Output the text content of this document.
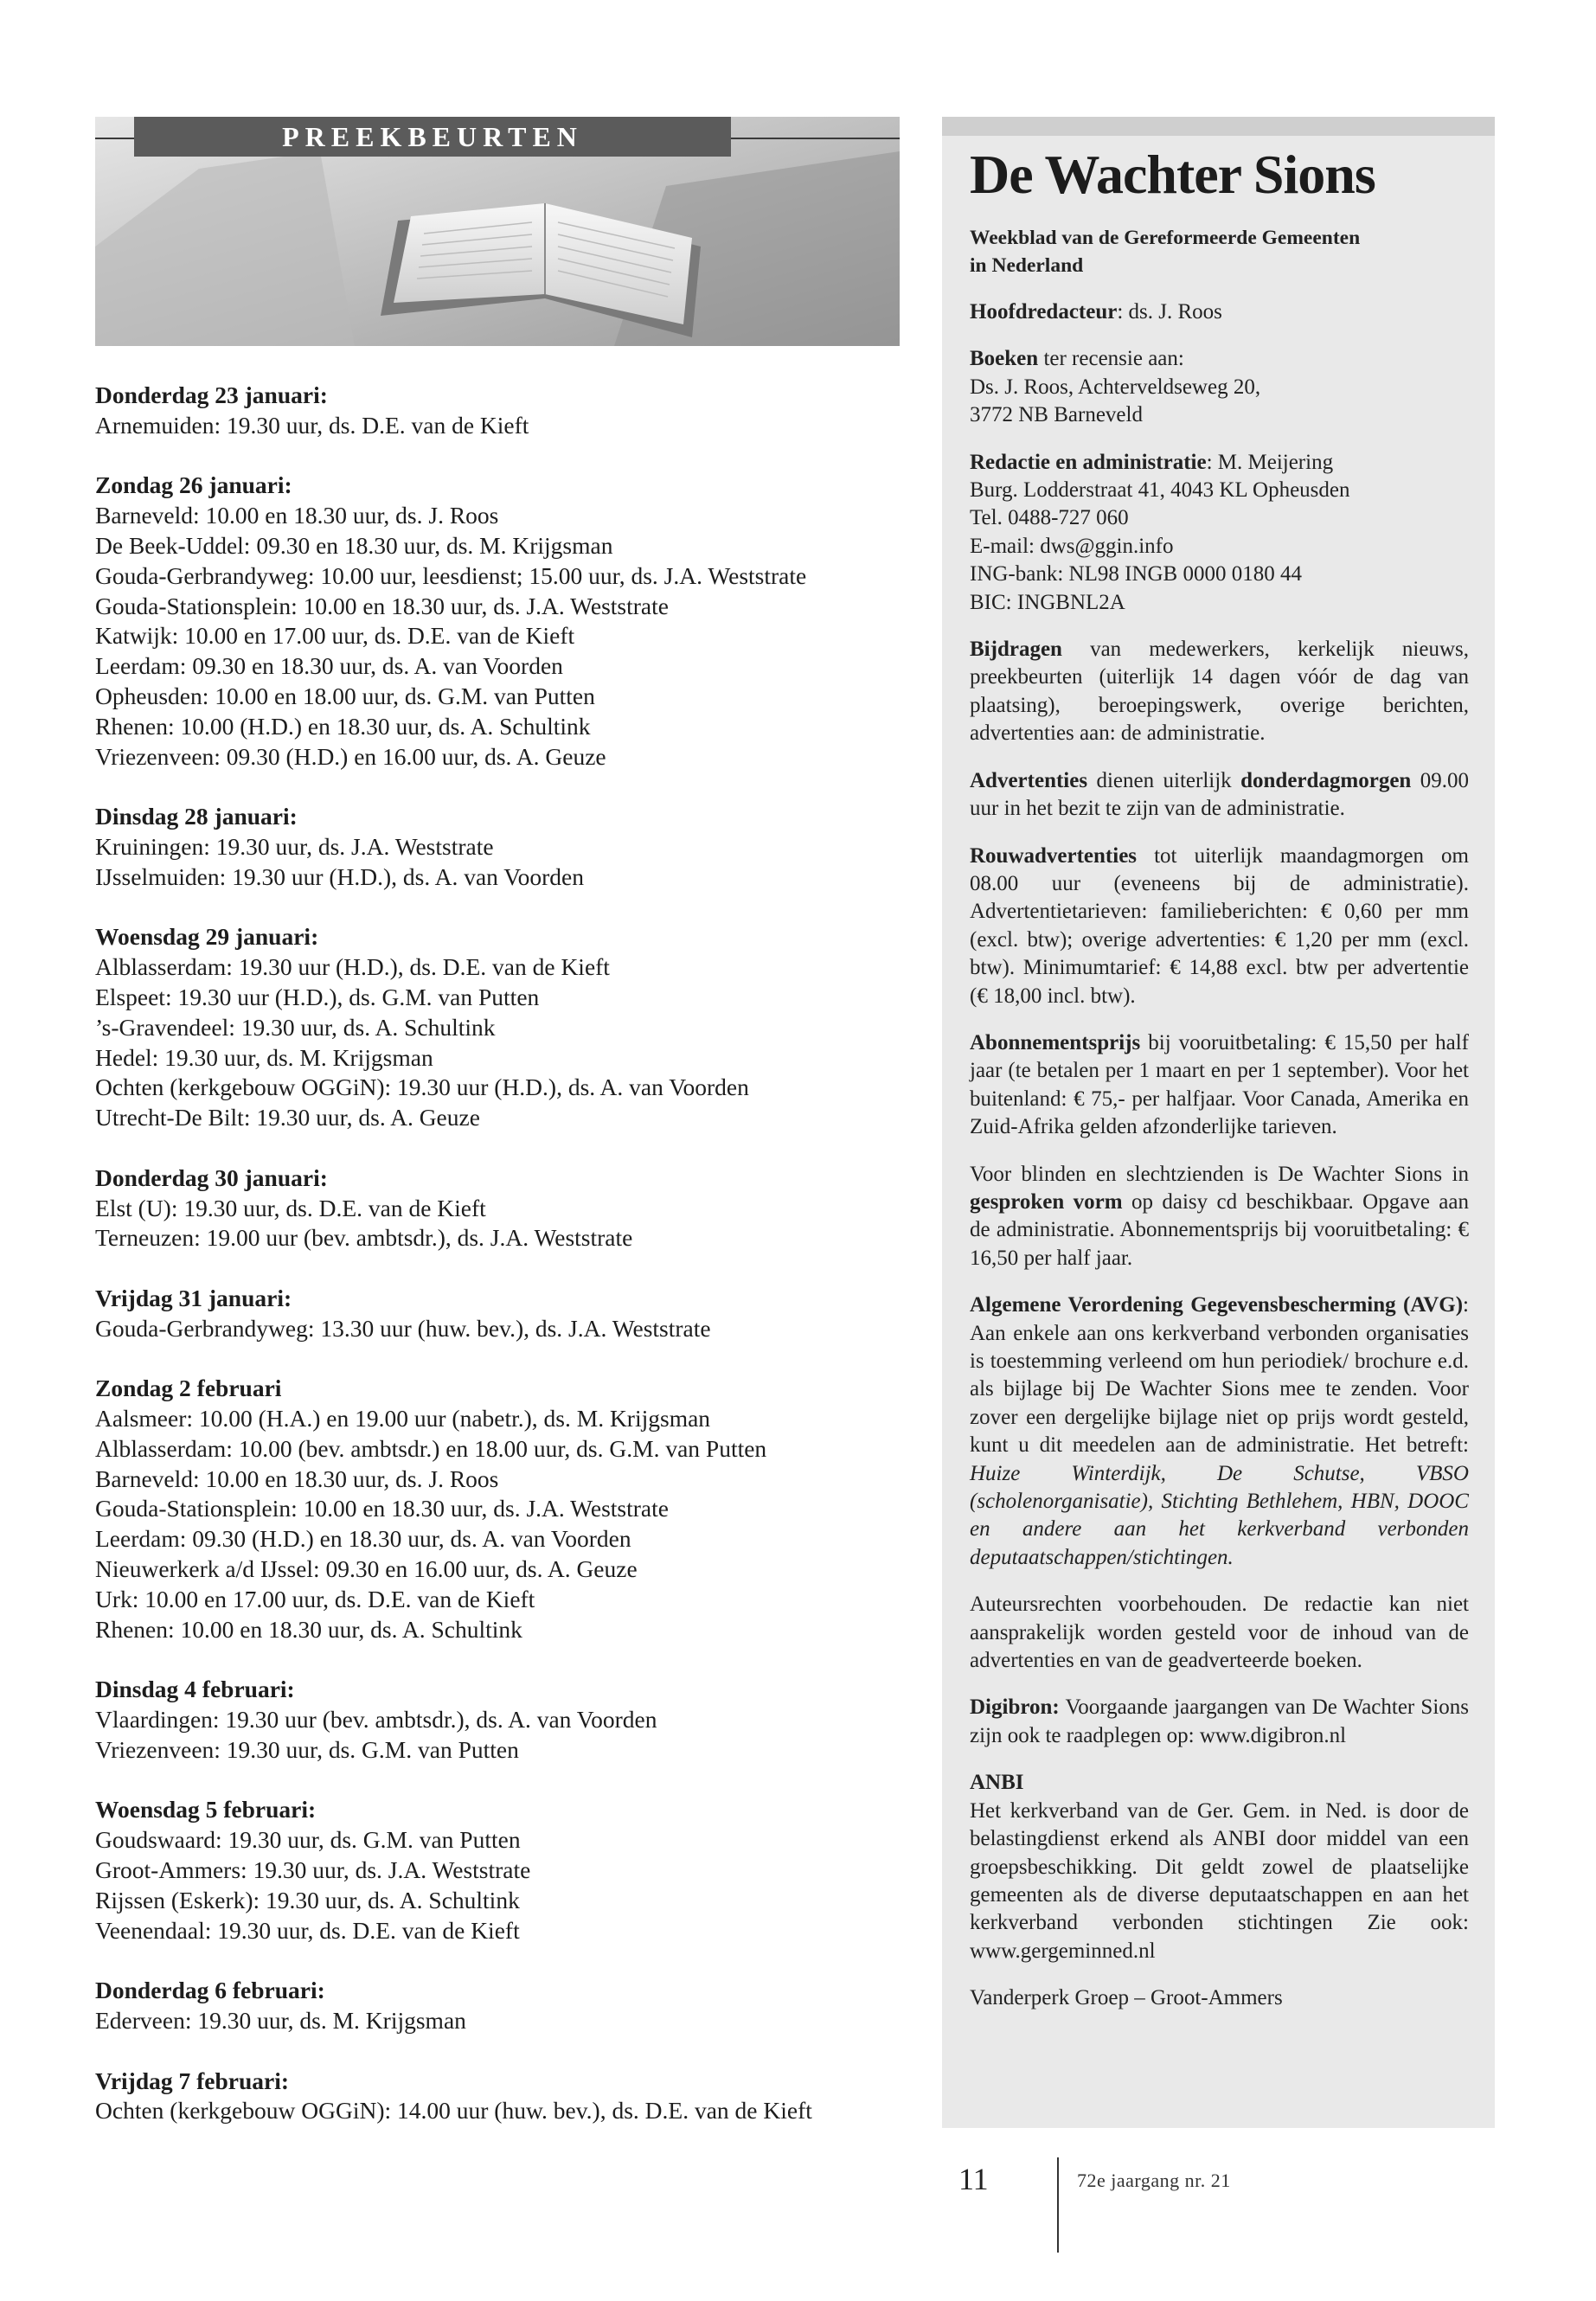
PREEKBEURTEN
Donderdag 23 januari:
Arnemuiden: 19.30 uur, ds. D.E. van de Kieft
Zondag 26 januari:
Barneveld: 10.00 en 18.30 uur, ds. J. Roos
De Beek-Uddel: 09.30 en 18.30 uur, ds. M. Krijgsman
Gouda-Gerbrandyweg: 10.00 uur, leesdienst; 15.00 uur, ds. J.A. Weststrate
Gouda-Stationsplein: 10.00 en 18.30 uur, ds. J.A. Weststrate
Katwijk: 10.00 en 17.00 uur, ds. D.E. van de Kieft
Leerdam: 09.30 en 18.30 uur, ds. A. van Voorden
Opheusden: 10.00 en 18.00 uur, ds. G.M. van Putten
Rhenen: 10.00 (H.D.) en 18.30 uur, ds. A. Schultink
Vriezenveen: 09.30 (H.D.) en 16.00 uur, ds. A. Geuze
Dinsdag 28 januari:
Kruiningen: 19.30 uur, ds. J.A. Weststrate
IJsselmuiden: 19.30 uur (H.D.), ds. A. van Voorden
Woensdag 29 januari:
Alblasserdam: 19.30 uur (H.D.), ds. D.E. van de Kieft
Elspeet: 19.30 uur (H.D.), ds. G.M. van Putten
’s-Gravendeel: 19.30 uur, ds. A. Schultink
Hedel: 19.30 uur, ds. M. Krijgsman
Ochten (kerkgebouw OGGiN): 19.30 uur (H.D.), ds. A. van Voorden
Utrecht-De Bilt: 19.30 uur, ds. A. Geuze
Donderdag 30 januari:
Elst (U): 19.30 uur, ds. D.E. van de Kieft
Terneuzen: 19.00 uur (bev. ambtsdr.), ds. J.A. Weststrate
Vrijdag 31 januari:
Gouda-Gerbrandyweg: 13.30 uur (huw. bev.), ds. J.A. Weststrate
Zondag 2 februari
Aalsmeer: 10.00 (H.A.) en 19.00 uur (nabetr.), ds. M. Krijgsman
Alblasserdam: 10.00 (bev. ambtsdr.) en 18.00 uur, ds. G.M. van Putten
Barneveld: 10.00 en 18.30 uur, ds. J. Roos
Gouda-Stationsplein: 10.00 en 18.30 uur, ds. J.A. Weststrate
Leerdam: 09.30 (H.D.) en 18.30 uur, ds. A. van Voorden
Nieuwerkerk a/d IJssel: 09.30 en 16.00 uur, ds. A. Geuze
Urk: 10.00 en 17.00 uur, ds. D.E. van de Kieft
Rhenen: 10.00 en 18.30 uur, ds. A. Schultink
Dinsdag 4 februari:
Vlaardingen: 19.30 uur (bev. ambtsdr.), ds. A. van Voorden
Vriezenveen: 19.30 uur, ds. G.M. van Putten
Woensdag 5 februari:
Goudswaard: 19.30 uur, ds. G.M. van Putten
Groot-Ammers: 19.30 uur, ds. J.A. Weststrate
Rijssen (Eskerk): 19.30 uur, ds. A. Schultink
Veenendaal: 19.30 uur, ds. D.E. van de Kieft
Donderdag 6 februari:
Ederveen: 19.30 uur, ds. M. Krijgsman
Vrijdag 7 februari:
Ochten (kerkgebouw OGGiN): 14.00 uur (huw. bev.), ds. D.E. van de Kieft
De Wachter Sions
Weekblad van de Gereformeerde Gemeenten
in Nederland
Hoofdredacteur: ds. J. Roos
Boeken ter recensie aan:
Ds. J. Roos, Achterveldseweg 20,
3772 NB Barneveld
Redactie en administratie: M. Meijering
Burg. Lodderstraat 41, 4043 KL Opheusden
Tel. 0488-727 060
E-mail: dws@ggin.info
ING-bank: NL98 INGB 0000 0180 44
BIC: INGBNL2A
Bijdragen van medewerkers, kerkelijk nieuws, preekbeurten (uiterlijk 14 dagen vóór de dag van plaatsing), beroepingswerk, overige berichten, advertenties aan: de administratie.
Advertenties dienen uiterlijk donderdagmorgen 09.00 uur in het bezit te zijn van de administratie.
Rouwadvertenties tot uiterlijk maandagmorgen om 08.00 uur (eveneens bij de administratie). Advertentietarieven: familieberichten: € 0,60 per mm (excl. btw); overige advertenties: € 1,20 per mm (excl. btw). Minimumtarief: € 14,88 excl. btw per advertentie (€ 18,00 incl. btw).
Abonnementsprijs bij vooruitbetaling: € 15,50 per half jaar (te betalen per 1 maart en per 1 september). Voor het buitenland: € 75,- per halfjaar. Voor Canada, Amerika en Zuid-Afrika gelden afzonderlijke tarieven.
Voor blinden en slechtzienden is De Wachter Sions in gesproken vorm op daisy cd beschikbaar. Opgave aan de administratie. Abonnementsprijs bij vooruitbetaling: € 16,50 per half jaar.
Algemene Verordening Gegevensbescherming (AVG): Aan enkele aan ons kerkverband verbonden organisaties is toestemming verleend om hun periodiek/ brochure e.d. als bijlage bij De Wachter Sions mee te zenden. Voor zover een dergelijke bijlage niet op prijs wordt gesteld, kunt u dit meedelen aan de administratie. Het betreft: Huize Winterdijk, De Schutse, VBSO (scholenorganisatie), Stichting Bethlehem, HBN, DOOC en andere aan het kerkverband verbonden deputaatschappen/stichtingen.
Auteursrechten voorbehouden. De redactie kan niet aansprakelijk worden gesteld voor de inhoud van de advertenties en van de geadverteerde boeken.
Digibron: Voorgaande jaargangen van De Wachter Sions zijn ook te raadplegen op: www.digibron.nl
ANBI
Het kerkverband van de Ger. Gem. in Ned. is door de belastingdienst erkend als ANBI door middel van een groepsbeschikking. Dit geldt zowel de plaatselijke gemeenten als de diverse deputaatschappen en aan het kerkverband verbonden stichtingen Zie ook: www.gergeminned.nl
Vanderperk Groep – Groot-Ammers
11	72e jaargang nr. 21
